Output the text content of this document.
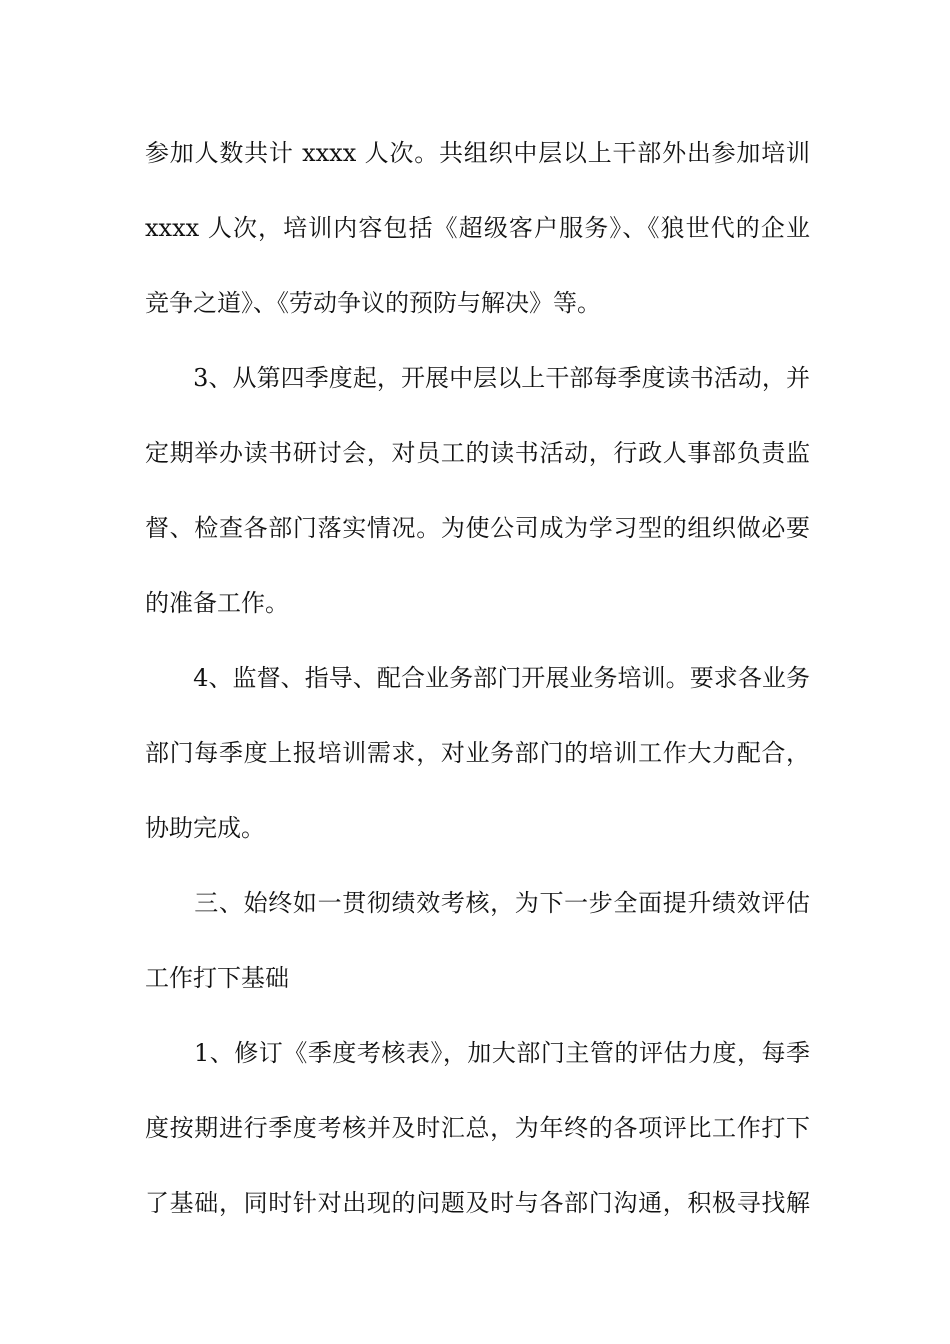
参加人数共计 xxxx 人次。共组织中层以上干部外出参加培训
xxxx 人次，培训内容包括《超级客户服务》、《狼世代的企业
竞争之道》、《劳动争议的预防与解决》等。
　　3、从第四季度起，开展中层以上干部每季度读书活动，并
定期举办读书研讨会，对员工的读书活动，行政人事部负责监
督、检查各部门落实情况。为使公司成为学习型的组织做必要
的准备工作。
　　4、监督、指导、配合业务部门开展业务培训。要求各业务
部门每季度上报培训需求，对业务部门的培训工作大力配合，
协助完成。
　　三、始终如一贯彻绩效考核，为下一步全面提升绩效评估
工作打下基础
　　1、修订《季度考核表》，加大部门主管的评估力度，每季
度按期进行季度考核并及时汇总，为年终的各项评比工作打下
了基础，同时针对出现的问题及时与各部门沟通，积极寻找解
